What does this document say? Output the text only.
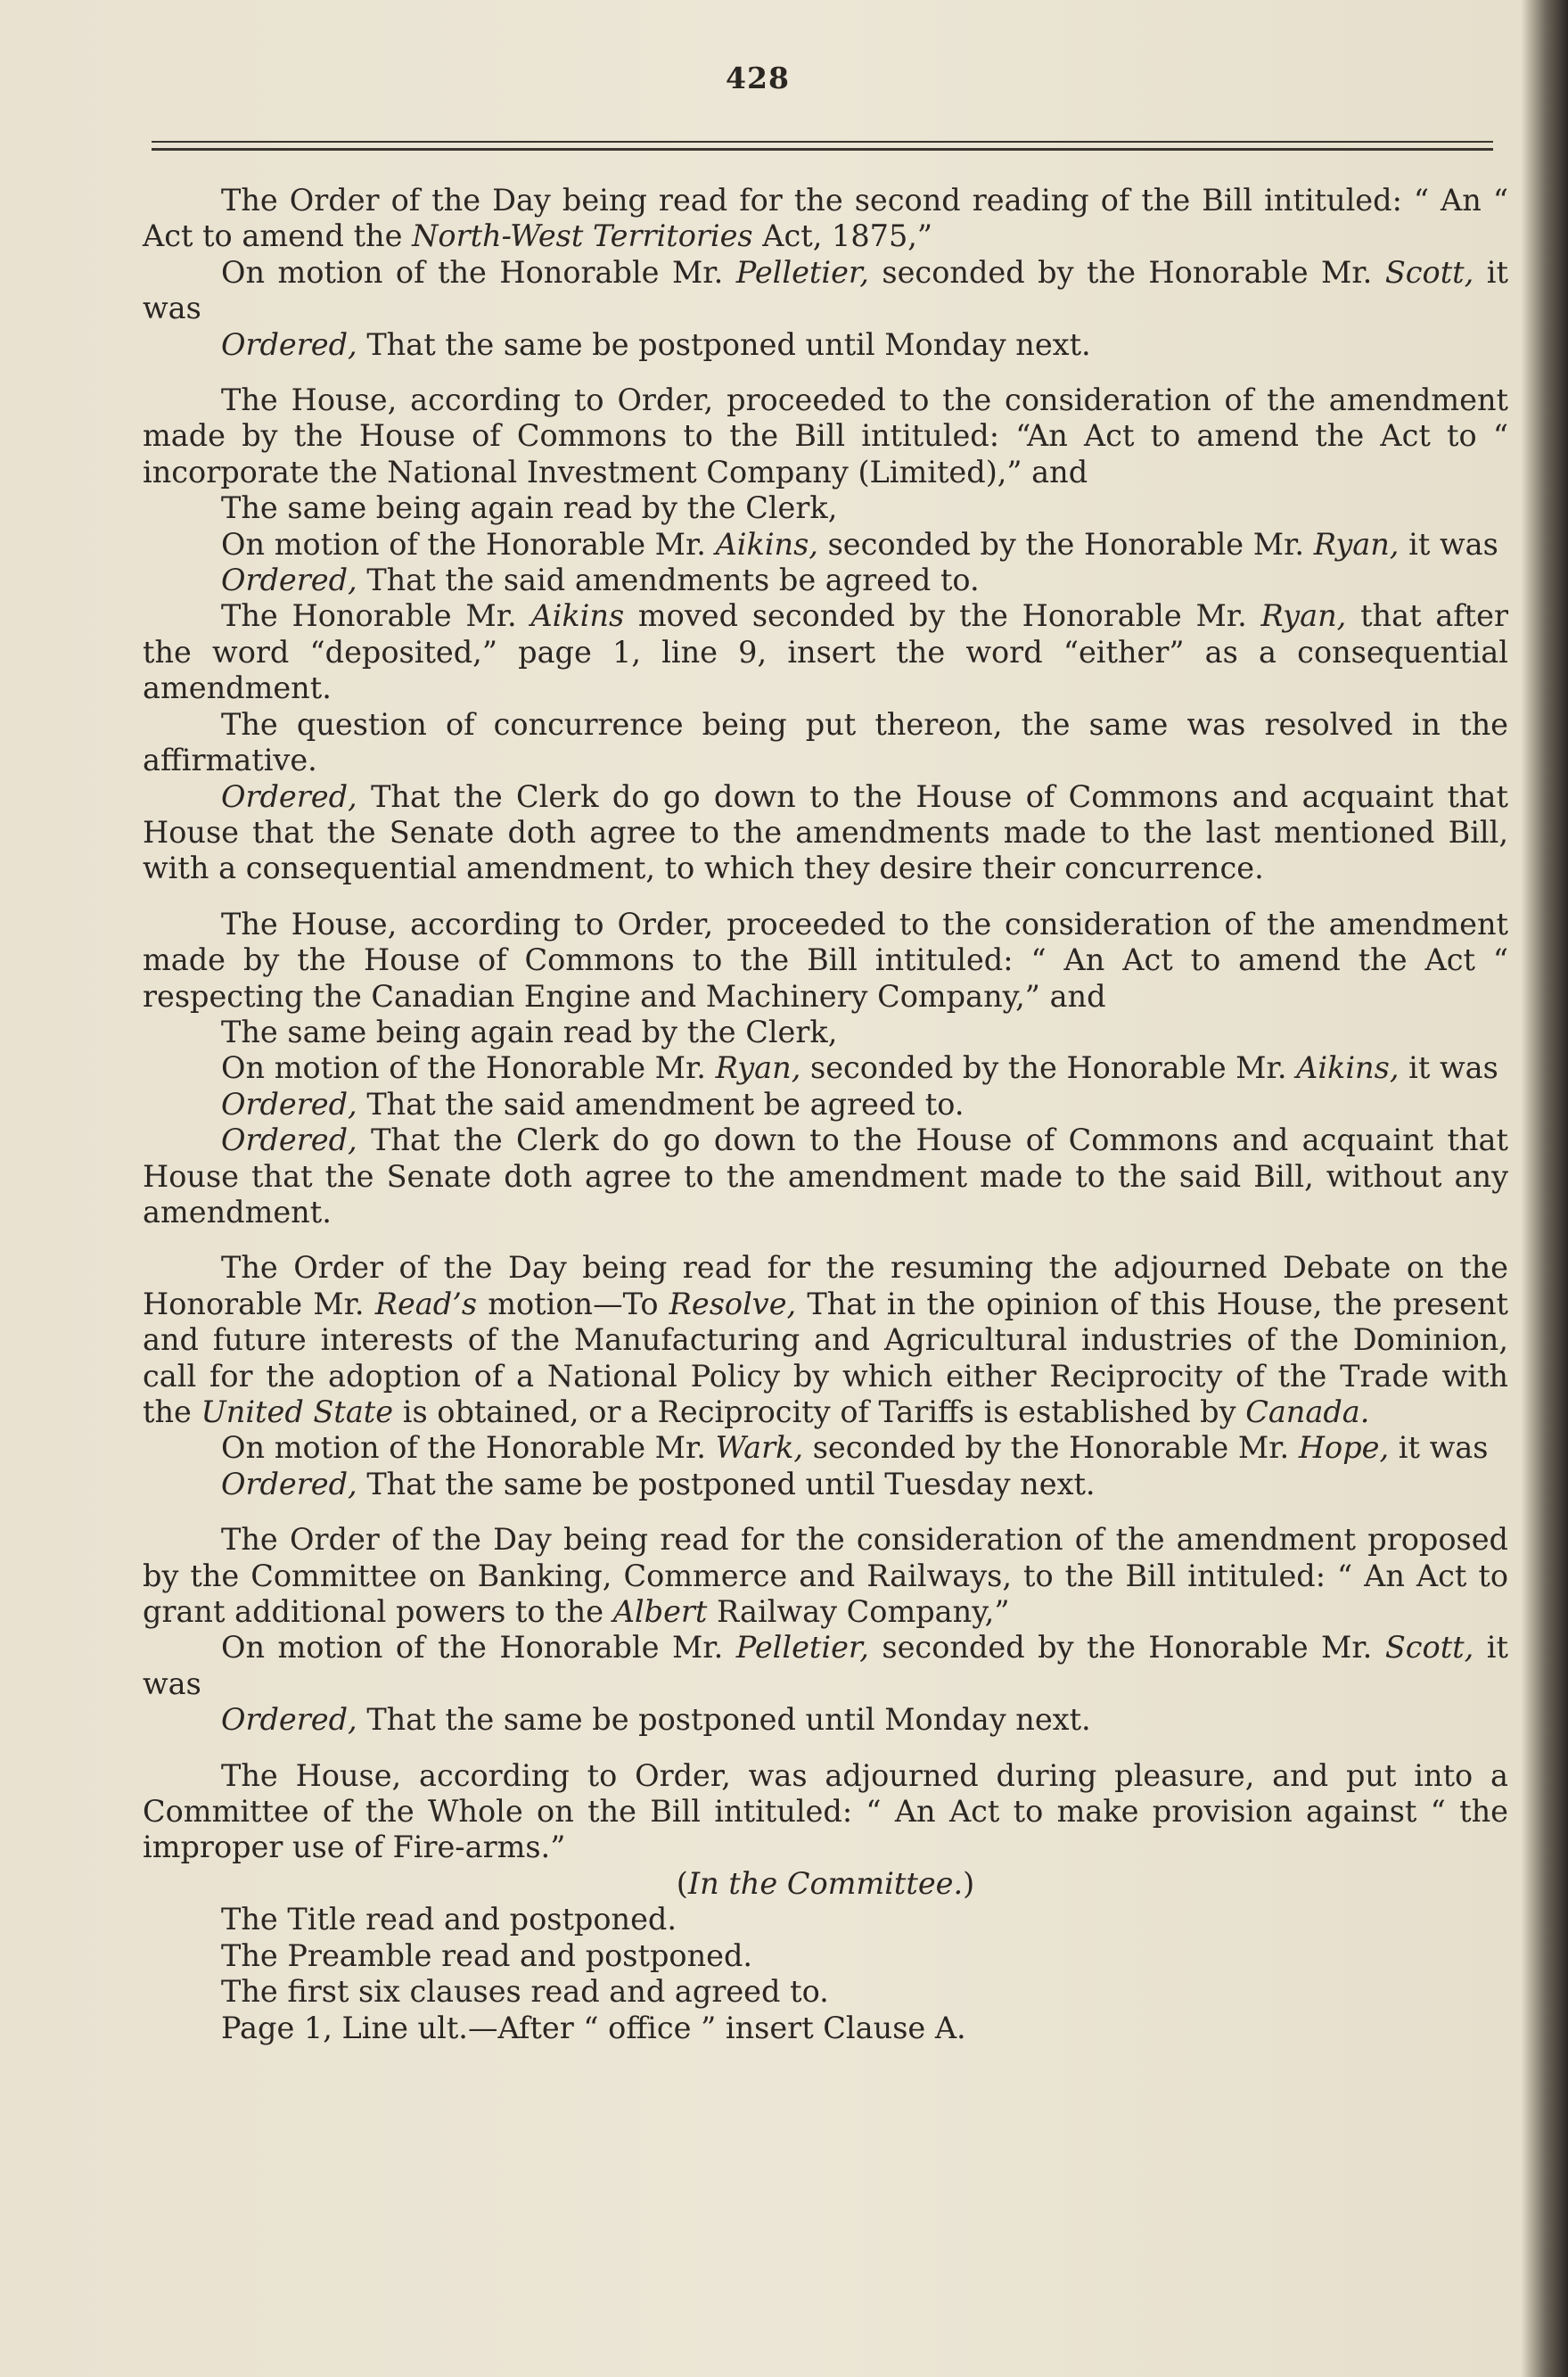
428

The Order of the Day being read for the second reading of the Bill intituled: “ An “ Act to amend the North-West Territories Act, 1875,”

On motion of the Honorable Mr. Pelletier, seconded by the Honorable Mr. Scott, it was

Ordered, That the same be postponed until Monday next.

The House, according to Order, proceeded to the consideration of the amendment made by the House of Commons to the Bill intituled: “An Act to amend the Act to “ incorporate the National Investment Company (Limited),” and

The same being again read by the Clerk,

On motion of the Honorable Mr. Aikins, seconded by the Honorable Mr. Ryan, it was

Ordered, That the said amendments be agreed to.

The Honorable Mr. Aikins moved seconded by the Honorable Mr. Ryan, that after the word “deposited,” page 1, line 9, insert the word “either” as a consequential amendment.

The question of concurrence being put thereon, the same was resolved in the affirmative.

Ordered, That the Clerk do go down to the House of Commons and acquaint that House that the Senate doth agree to the amendments made to the last mentioned Bill, with a consequential amendment, to which they desire their concurrence.

The House, according to Order, proceeded to the consideration of the amendment made by the House of Commons to the Bill intituled: “ An Act to amend the Act “ respecting the Canadian Engine and Machinery Company,” and

The same being again read by the Clerk,

On motion of the Honorable Mr. Ryan, seconded by the Honorable Mr. Aikins, it was

Ordered, That the said amendment be agreed to.

Ordered, That the Clerk do go down to the House of Commons and acquaint that House that the Senate doth agree to the amendment made to the said Bill, without any amendment.

The Order of the Day being read for the resuming the adjourned Debate on the Honorable Mr. Read’s motion—To Resolve, That in the opinion of this House, the present and future interests of the Manufacturing and Agricultural industries of the Dominion, call for the adoption of a National Policy by which either Reciprocity of the Trade with the United State is obtained, or a Reciprocity of Tariffs is established by Canada.

On motion of the Honorable Mr. Wark, seconded by the Honorable Mr. Hope, it was

Ordered, That the same be postponed until Tuesday next.

The Order of the Day being read for the consideration of the amendment proposed by the Committee on Banking, Commerce and Railways, to the Bill intituled: “ An Act to grant additional powers to the Albert Railway Company,”

On motion of the Honorable Mr. Pelletier, seconded by the Honorable Mr. Scott, it was

Ordered, That the same be postponed until Monday next.

The House, according to Order, was adjourned during pleasure, and put into a Committee of the Whole on the Bill intituled: “ An Act to make provision against “ the improper use of Fire-arms.”

(In the Committee.)

The Title read and postponed.

The Preamble read and postponed.

The first six clauses read and agreed to.

Page 1, Line ult.—After “ office ” insert Clause A.
